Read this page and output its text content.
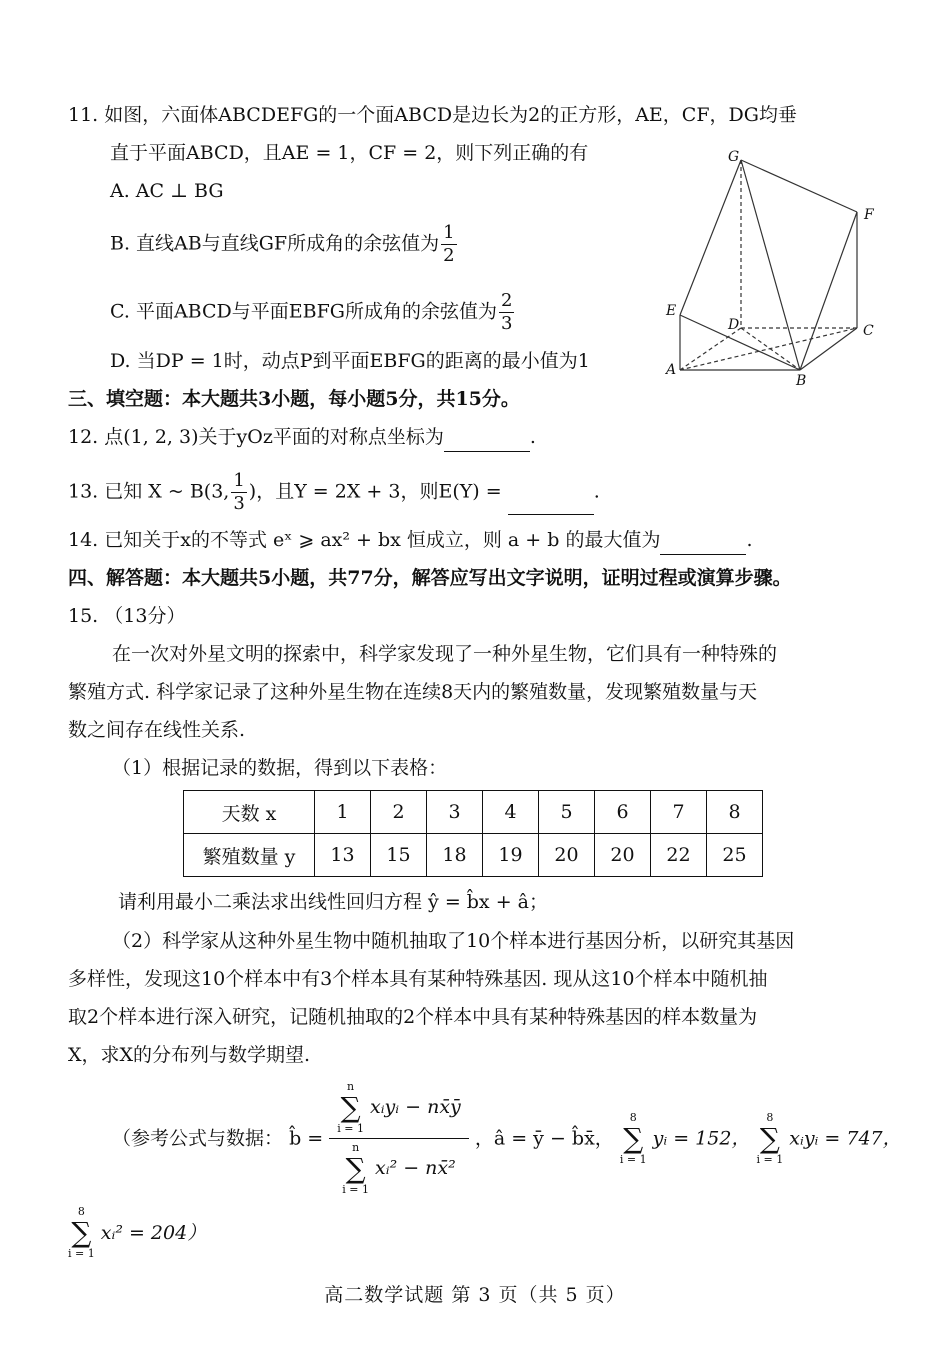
11. 如图，六面体ABCDEFG的一个面ABCD是边长为2的正方形，AE，CF，DG均垂
直于平面ABCD，且AE = 1，CF = 2，则下列正确的有
A. AC ⊥ BG
B. 直线AB与直线GF所成角的余弦值为 $\frac{1}{2}$
C. 平面ABCD与平面EBFG所成角的余弦值为 $\frac{2}{3}$
D. 当DP = 1时，动点P到平面EBFG的距离的最小值为1
G
F
E
D	C
A
B
三、填空题：本大题共3小题，每小题5分，共15分。
12. 点(1, 2, 3)关于yOz平面的对称点坐标为	.
13. 已知 X ~ B(3, $\frac{1}{3}$ )，且Y = 2X + 3，则E(Y) =	.
14. 已知关于x的不等式 eˣ ⩾ ax² + bx 恒成立，则 a + b 的最大值为	.
四、解答题：本大题共5小题，共77分，解答应写出文字说明，证明过程或演算步骤。
15. （13分）
在一次对外星文明的探索中，科学家发现了一种外星生物，它们具有一种特殊的
繁殖方式. 科学家记录了这种外星生物在连续8天内的繁殖数量，发现繁殖数量与天
数之间存在线性关系.
（1）根据记录的数据，得到以下表格：
天数 x	1	2	3	4	5	6	7	8
繁殖数量 y	13	15	18	19	20	20	22	25
请利用最小二乘法求出线性回归方程 ŷ = b̂x + â；
（2）科学家从这种外星生物中随机抽取了10个样本进行基因分析，以研究其基因
多样性，发现这10个样本中有3个样本具有某种特殊基因. 现从这10个样本中随机抽
取2个样本进行深入研究，记随机抽取的2个样本中具有某种特殊基因的样本数量为
X，求X的分布列与数学期望.
（参考公式与数据： b̂ = n
∑
i = 1
xᵢyᵢ − nx̄ȳ
n
∑
i = 1
xᵢ² − nx̄² ，â = ȳ − b̂x̄，
8
∑
i = 1
yᵢ = 152，
8
∑
i = 1
xᵢyᵢ = 747，
8
∑
i = 1
xᵢ² = 204）
高二数学试题 第 3 页（共 5 页）
